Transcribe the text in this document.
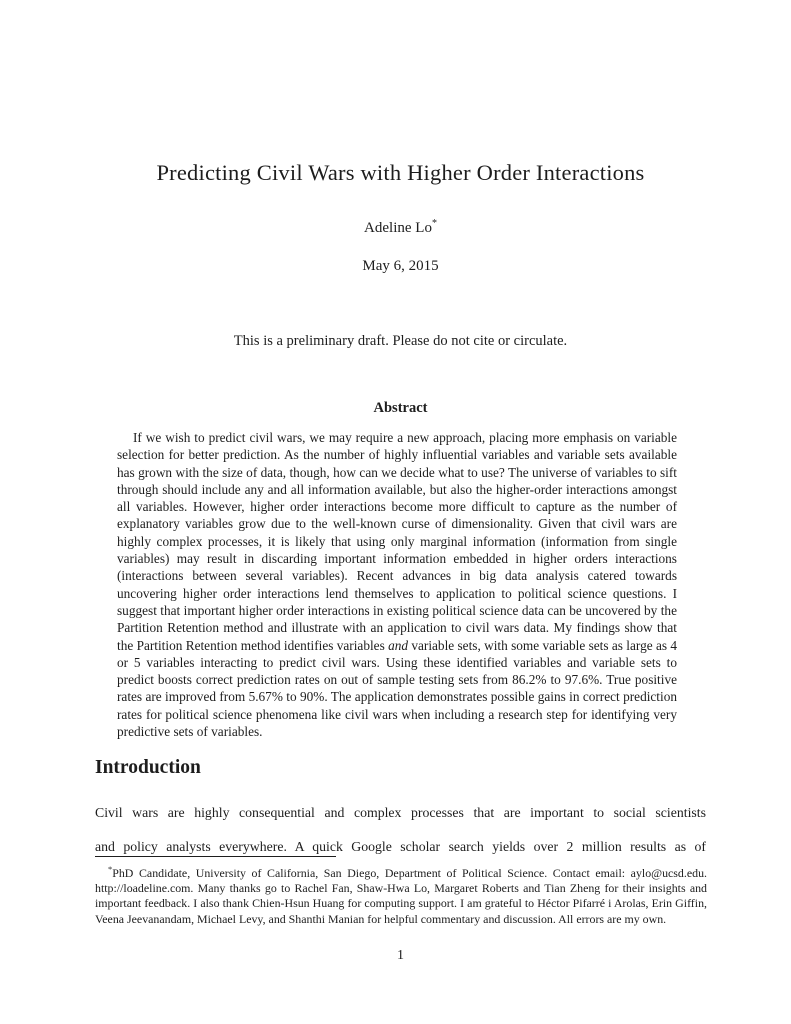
Predicting Civil Wars with Higher Order Interactions
Adeline Lo*
May 6, 2015
This is a preliminary draft. Please do not cite or circulate.
Abstract

If we wish to predict civil wars, we may require a new approach, placing more emphasis on variable selection for better prediction. As the number of highly influential variables and variable sets available has grown with the size of data, though, how can we decide what to use? The universe of variables to sift through should include any and all information available, but also the higher-order interactions amongst all variables. However, higher order interactions become more difficult to capture as the number of explanatory variables grow due to the well-known curse of dimensionality. Given that civil wars are highly complex processes, it is likely that using only marginal information (information from single variables) may result in discarding important information embedded in higher orders interactions (interactions between several variables). Recent advances in big data analysis catered towards uncovering higher order interactions lend themselves to application to political science questions. I suggest that important higher order interactions in existing political science data can be uncovered by the Partition Retention method and illustrate with an application to civil wars data. My findings show that the Partition Retention method identifies variables and variable sets, with some variable sets as large as 4 or 5 variables interacting to predict civil wars. Using these identified variables and variable sets to predict boosts correct prediction rates on out of sample testing sets from 86.2% to 97.6%. True positive rates are improved from 5.67% to 90%. The application demonstrates possible gains in correct prediction rates for political science phenomena like civil wars when including a research step for identifying very predictive sets of variables.

Introduction
Civil wars are highly consequential and complex processes that are important to social scientists
and policy analysts everywhere. A quick Google scholar search yields over 2 million results as of

*PhD Candidate, University of California, San Diego, Department of Political Science. Contact email: aylo@ucsd.edu. http://loadeline.com. Many thanks go to Rachel Fan, Shaw-Hwa Lo, Margaret Roberts and Tian Zheng for their insights and important feedback. I also thank Chien-Hsun Huang for computing support. I am grateful to Héctor Pifarré i Arolas, Erin Giffin, Veena Jeevanandam, Michael Levy, and Shanthi Manian for helpful commentary and discussion. All errors are my own.

1
